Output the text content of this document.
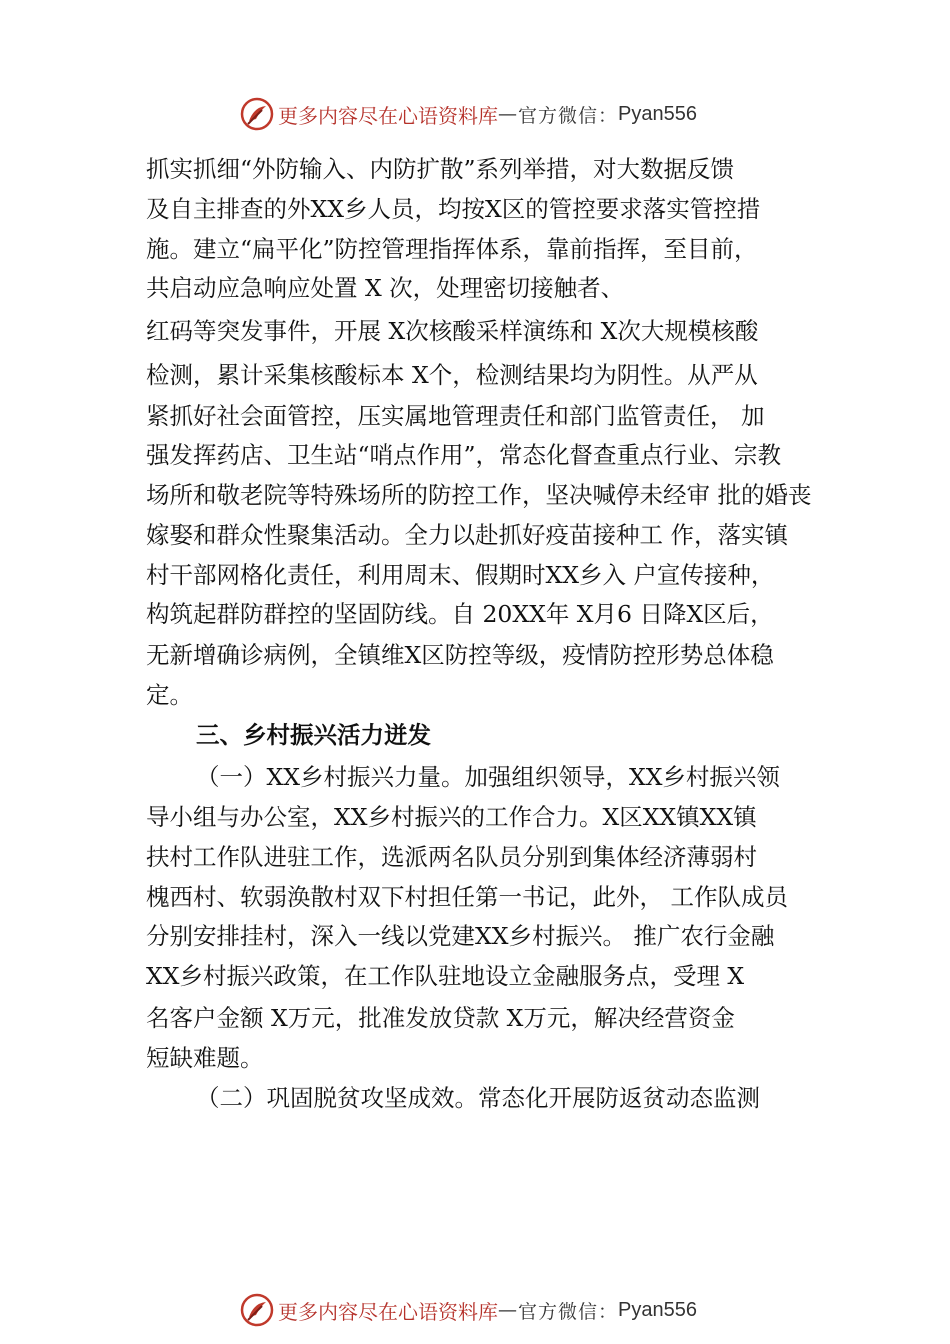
更多内容尽在心语资料库 — 官方微信： Pyan556
抓实抓细“外防输入、内防扩散”系列举措，对大数据反馈
及自主排查的外XX乡人员，均按X区的管控要求落实管控措
施。建立“扁平化”防控管理指挥体系，靠前指挥，至目前，
共启动应急响应处置 X 次，处理密切接触者、
红码等突发事件，开展 X次核酸采样演练和 X次大规模核酸
检测，累计采集核酸标本 X个，检测结果均为阴性。从严从
紧抓好社会面管控，压实属地管理责任和部门监管责任， 加
强发挥药店、卫生站“哨点作用”，常态化督查重点行业、宗教
场所和敬老院等特殊场所的防控工作，坚决喊停未经审 批的婚丧
嫁娶和群众性聚集活动。全力以赴抓好疫苗接种工 作，落实镇
村干部网格化责任，利用周末、假期时XX乡入 户宣传接种，
构筑起群防群控的坚固防线。自 20XX年 X月6 日降X区后，
无新增确诊病例，全镇维X区防控等级，疫情防控形势总体稳
定。
三、乡村振兴活力迸发
（一）XX乡村振兴力量。加强组织领导，XX乡村振兴领
导小组与办公室，XX乡村振兴的工作合力。X区XX镇XX镇
扶村工作队进驻工作，选派两名队员分别到集体经济薄弱村
槐西村、软弱涣散村双下村担任第一书记，此外， 工作队成员
分别安排挂村，深入一线以党建XX乡村振兴。 推广农行金融
XX乡村振兴政策，在工作队驻地设立金融服务点，受理 X
名客户金额 X万元，批准发放贷款 X万元，解决经营资金
短缺难题。
（二）巩固脱贫攻坚成效。常态化开展防返贫动态监测
更多内容尽在心语资料库 — 官方微信： Pyan556
